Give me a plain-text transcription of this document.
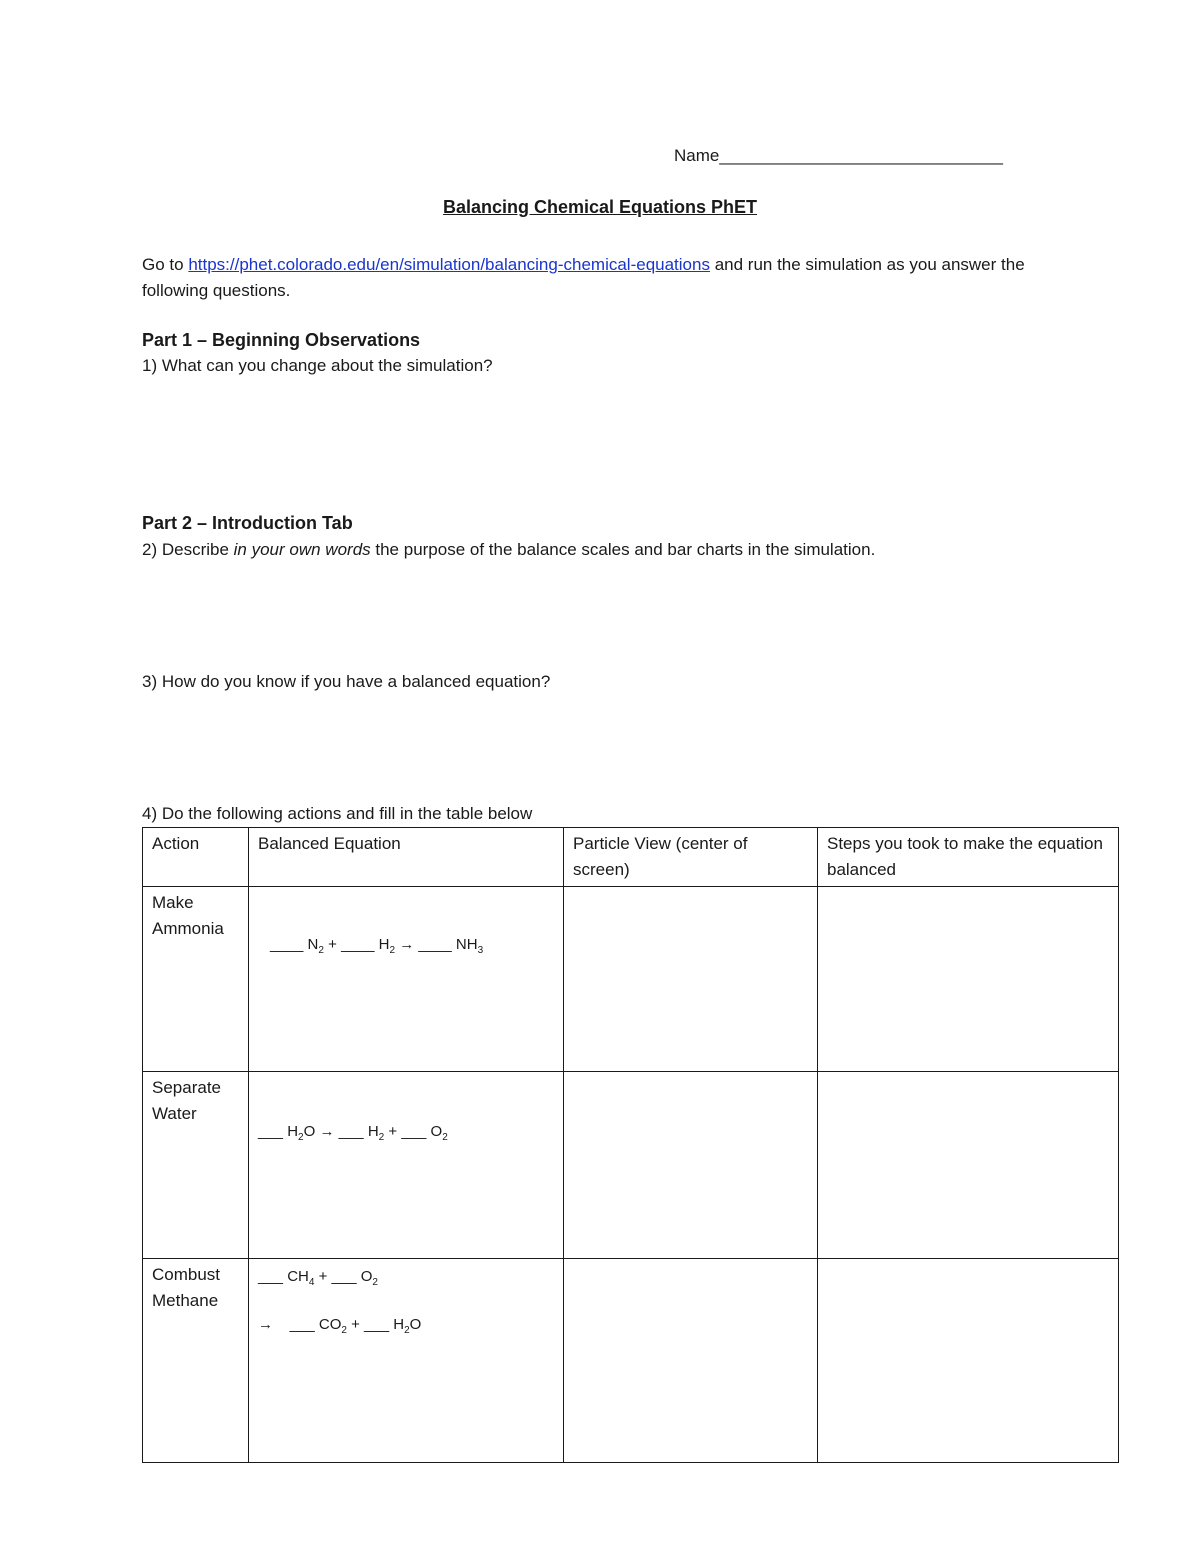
Name______________________________
Balancing Chemical Equations PhET
Go to https://phet.colorado.edu/en/simulation/balancing-chemical-equations and run the simulation as you answer the following questions.
Part 1 – Beginning Observations
1) What can you change about the simulation?
Part 2 – Introduction Tab
2) Describe in your own words the purpose of the balance scales and bar charts in the simulation.
3) How do you know if you have a balanced equation?
4) Do the following actions and fill in the table below
Action	Balanced Equation	Particle View (center of screen)	Steps you took to make the equation balanced
Make Ammonia	____ $N_2$ + ____ $H_2$ → ____ $NH_3$

Separate Water	___ $H_2O$ → ___ $H_2$ + ___ $O_2$

Combust Methane	___ $CH_4$ + ___ $O_2$
→ ___ $CO_2$ + ___ $H_2O$		
